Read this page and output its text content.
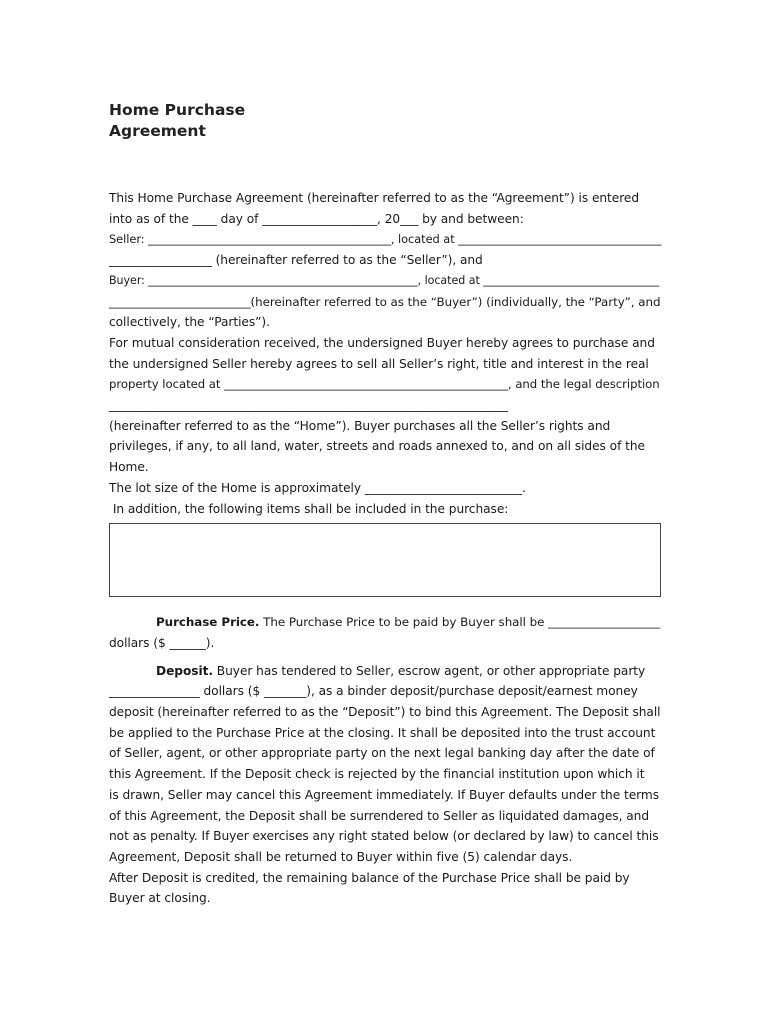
Home Purchase
Agreement
This Home Purchase Agreement (hereinafter referred to as the “Agreement”) is entered
into as of the ____ day of ___________________, 20___ by and between:
Seller: ___________________________________________, located at ____________________________________
_________________ (hereinafter referred to as the “Seller”), and
Buyer: _________________________________________________, located at ________________________________
________________________(hereinafter referred to as the “Buyer”) (individually, the “Party”, and
collectively, the “Parties”).
For mutual consideration received, the undersigned Buyer hereby agrees to purchase and
the undersigned Seller hereby agrees to sell all Seller’s right, title and interest in the real
property located at _________________________________________________, and the legal description
__________________________________________________________________
(hereinafter referred to as the “Home”). Buyer purchases all the Seller’s rights and
privileges, if any, to all land, water, streets and roads annexed to, and on all sides of the
Home.
The lot size of the Home is approximately __________________________.
In addition, the following items shall be included in the purchase:
Purchase Price. The Purchase Price to be paid by Buyer shall be ___________________
dollars ($ ______).
Deposit. Buyer has tendered to Seller, escrow agent, or other appropriate party
_______________ dollars ($ _______), as a binder deposit/purchase deposit/earnest money
deposit (hereinafter referred to as the “Deposit”) to bind this Agreement. The Deposit shall
be applied to the Purchase Price at the closing. It shall be deposited into the trust account
of Seller, agent, or other appropriate party on the next legal banking day after the date of
this Agreement. If the Deposit check is rejected by the financial institution upon which it
is drawn, Seller may cancel this Agreement immediately. If Buyer defaults under the terms
of this Agreement, the Deposit shall be surrendered to Seller as liquidated damages, and
not as penalty. If Buyer exercises any right stated below (or declared by law) to cancel this
Agreement, Deposit shall be returned to Buyer within five (5) calendar days.
After Deposit is credited, the remaining balance of the Purchase Price shall be paid by
Buyer at closing.
